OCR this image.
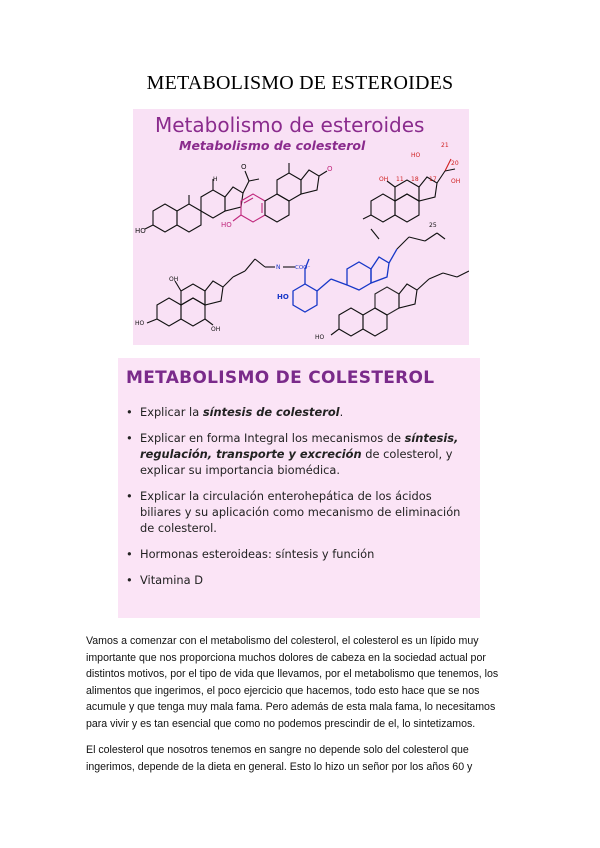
METABOLISMO DE ESTEROIDES
HO
O
H
HO
O
21
20
11 18 17
OH	OH
HO
HO
OH
OH
N	COO⁻
25
HO
HO
Metabolismo de esteroides
Metabolismo de colesterol
METABOLISMO DE COLESTEROL
• Explicar la síntesis de colesterol.
• Explicar en forma Integral los mecanismos de síntesis, regulación, transporte y excreción de colesterol, y explicar su importancia biomédica.
• Explicar la circulación enterohepática de los ácidos biliares y su aplicación como mecanismo de eliminación de colesterol.
• Hormonas esteroideas: síntesis y función
• Vitamina D

Vamos a comenzar con el metabolismo del colesterol, el colesterol es un lípido muy importante que nos proporciona muchos dolores de cabeza en la sociedad actual por distintos motivos, por el tipo de vida que llevamos, por el metabolismo que tenemos, los alimentos que ingerimos, el poco ejercicio que hacemos, todo esto hace que se nos acumule y que tenga muy mala fama. Pero además de esta mala fama, lo necesitamos para vivir y es tan esencial que como no podemos prescindir de el, lo sintetizamos.

El colesterol que nosotros tenemos en sangre no depende solo del colesterol que ingerimos, depende de la dieta en general. Esto lo hizo un señor por los años 60 y
